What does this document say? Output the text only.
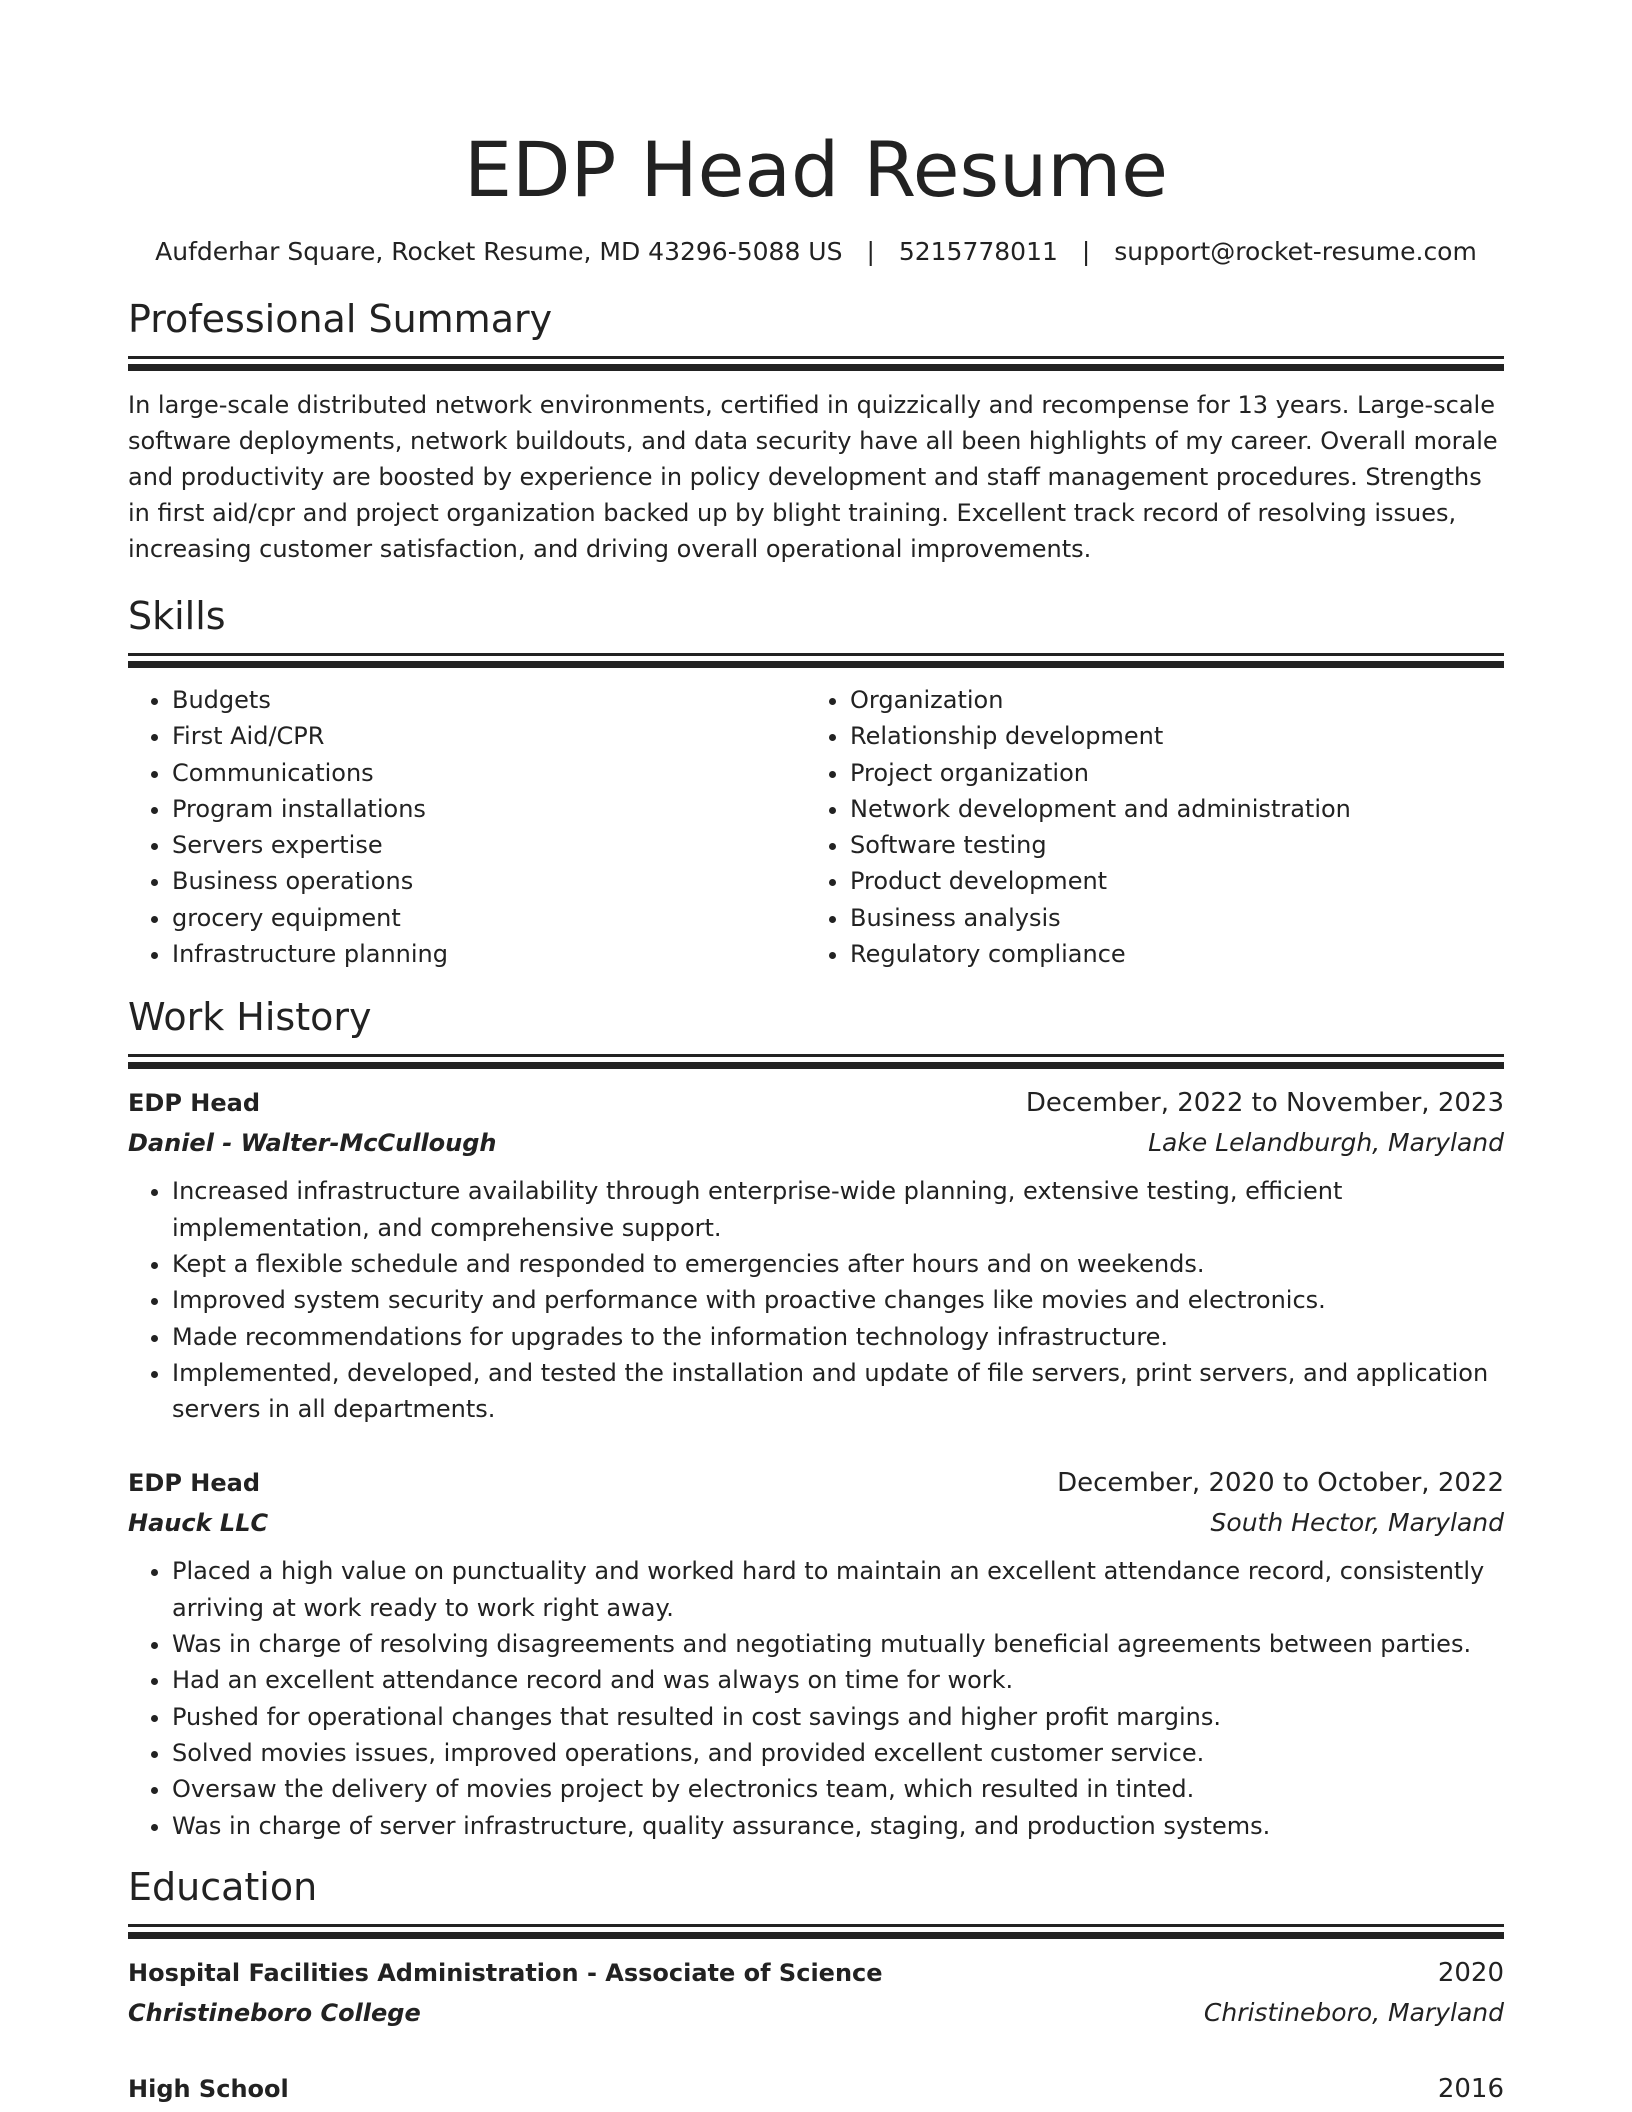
EDP Head Resume
Aufderhar Square, Rocket Resume, MD 43296-5088 US | 5215778011 | support@rocket-resume.com
Professional Summary

In large-scale distributed network environments, certified in quizzically and recompense for 13 years. Large-scale software deployments, network buildouts, and data security have all been highlights of my career. Overall morale and productivity are boosted by experience in policy development and staff management procedures. Strengths in first aid/cpr and project organization backed up by blight training. Excellent track record of resolving issues, increasing customer satisfaction, and driving overall operational improvements.

Skills
• Budgets
• First Aid/CPR
• Communications
• Program installations
• Servers expertise
• Business operations
• grocery equipment
• Infrastructure planning
• Organization
• Relationship development
• Project organization
• Network development and administration
• Software testing
• Product development
• Business analysis
• Regulatory compliance
Work History
EDP Head	December, 2022 to November, 2023
Daniel - Walter-McCullough	Lake Lelandburgh, Maryland
• Increased infrastructure availability through enterprise-wide planning, extensive testing, efficient implementation, and comprehensive support.
• Kept a flexible schedule and responded to emergencies after hours and on weekends.
• Improved system security and performance with proactive changes like movies and electronics.
• Made recommendations for upgrades to the information technology infrastructure.
• Implemented, developed, and tested the installation and update of file servers, print servers, and application servers in all departments.
EDP Head	December, 2020 to October, 2022
Hauck LLC	South Hector, Maryland
• Placed a high value on punctuality and worked hard to maintain an excellent attendance record, consistently arriving at work ready to work right away.
• Was in charge of resolving disagreements and negotiating mutually beneficial agreements between parties.
• Had an excellent attendance record and was always on time for work.
• Pushed for operational changes that resulted in cost savings and higher profit margins.
• Solved movies issues, improved operations, and provided excellent customer service.
• Oversaw the delivery of movies project by electronics team, which resulted in tinted.
• Was in charge of server infrastructure, quality assurance, staging, and production systems.
Education
Hospital Facilities Administration - Associate of Science	2020
Christineboro College	Christineboro, Maryland
High School	2016
